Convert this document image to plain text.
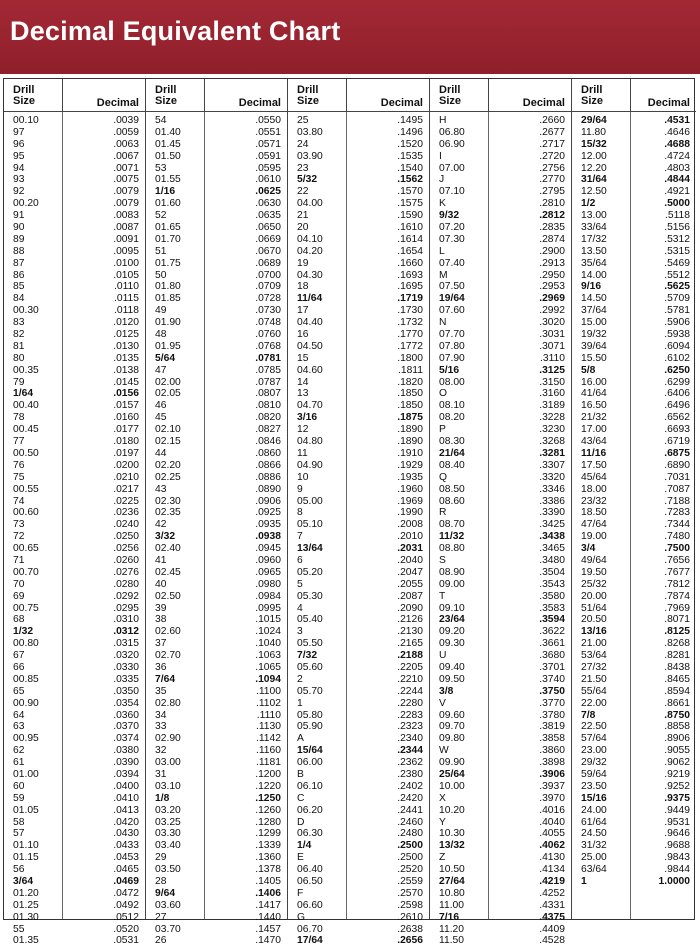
Decimal Equivalent Chart
Drill
Size	Decimal
00.10	.0039
97	.0059
96	.0063
95	.0067
94	.0071
93	.0075
92	.0079
00.20	.0079
91	.0083
90	.0087
89	.0091
88	.0095
87	.0100
86	.0105
85	.0110
84	.0115
00.30	.0118
83	.0120
82	.0125
81	.0130
80	.0135
00.35	.0138
79	.0145
1/64	.0156
00.40	.0157
78	.0160
00.45	.0177
77	.0180
00.50	.0197
76	.0200
75	.0210
00.55	.0217
74	.0225
00.60	.0236
73	.0240
72	.0250
00.65	.0256
71	.0260
00.70	.0276
70	.0280
69	.0292
00.75	.0295
68	.0310
1/32	.0312
00.80	.0315
67	.0320
66	.0330
00.85	.0335
65	.0350
00.90	.0354
64	.0360
63	.0370
00.95	.0374
62	.0380
61	.0390
01.00	.0394
60	.0400
59	.0410
01.05	.0413
58	.0420
57	.0430
01.10	.0433
01.15	.0453
56	.0465
3/64	.0469
01.20	.0472
01.25	.0492
01.30	.0512
55	.0520
01.35	.0531
Drill
Size	Decimal
54	.0550
01.40	.0551
01.45	.0571
01.50	.0591
53	.0595
01.55	.0610
1/16	.0625
01.60	.0630
52	.0635
01.65	.0650
01.70	.0669
51	.0670
01.75	.0689
50	.0700
01.80	.0709
01.85	.0728
49	.0730
01.90	.0748
48	.0760
01.95	.0768
5/64	.0781
47	.0785
02.00	.0787
02.05	.0807
46	.0810
45	.0820
02.10	.0827
02.15	.0846
44	.0860
02.20	.0866
02.25	.0886
43	.0890
02.30	.0906
02.35	.0925
42	.0935
3/32	.0938
02.40	.0945
41	.0960
02.45	.0965
40	.0980
02.50	.0984
39	.0995
38	.1015
02.60	.1024
37	.1040
02.70	.1063
36	.1065
7/64	.1094
35	.1100
02.80	.1102
34	.1110
33	.1130
02.90	.1142
32	.1160
03.00	.1181
31	.1200
03.10	.1220
1/8	.1250
03.20	.1260
03.25	.1280
03.30	.1299
03.40	.1339
29	.1360
03.50	.1378
28	.1405
9/64	.1406
03.60	.1417
27	.1440
03.70	.1457
26	.1470
Drill
Size	Decimal
25	.1495
03.80	.1496
24	.1520
03.90	.1535
23	.1540
5/32	.1562
22	.1570
04.00	.1575
21	.1590
20	.1610
04.10	.1614
04.20	.1654
19	.1660
04.30	.1693
18	.1695
11/64	.1719
17	.1730
04.40	.1732
16	.1770
04.50	.1772
15	.1800
04.60	.1811
14	.1820
13	.1850
04.70	.1850
3/16	.1875
12	.1890
04.80	.1890
11	.1910
04.90	.1929
10	.1935
9	.1960
05.00	.1969
8	.1990
05.10	.2008
7	.2010
13/64	.2031
6	.2040
05.20	.2047
5	.2055
05.30	.2087
4	.2090
05.40	.2126
3	.2130
05.50	.2165
7/32	.2188
05.60	.2205
2	.2210
05.70	.2244
1	.2280
05.80	.2283
05.90	.2323
A	.2340
15/64	.2344
06.00	.2362
B	.2380
06.10	.2402
C	.2420
06.20	.2441
D	.2460
06.30	.2480
1/4	.2500
E	.2500
06.40	.2520
06.50	.2559
F	.2570
06.60	.2598
G	.2610
06.70	.2638
17/64	.2656
Drill
Size	Decimal
H	.2660
06.80	.2677
06.90	.2717
I	.2720
07.00	.2756
J	.2770
07.10	.2795
K	.2810
9/32	.2812
07.20	.2835
07.30	.2874
L	.2900
07.40	.2913
M	.2950
07.50	.2953
19/64	.2969
07.60	.2992
N	.3020
07.70	.3031
07.80	.3071
07.90	.3110
5/16	.3125
08.00	.3150
O	.3160
08.10	.3189
08.20	.3228
P	.3230
08.30	.3268
21/64	.3281
08.40	.3307
Q	.3320
08.50	.3346
08.60	.3386
R	.3390
08.70	.3425
11/32	.3438
08.80	.3465
S	.3480
08.90	.3504
09.00	.3543
T	.3580
09.10	.3583
23/64	.3594
09.20	.3622
09.30	.3661
U	.3680
09.40	.3701
09.50	.3740
3/8	.3750
V	.3770
09.60	.3780
09.70	.3819
09.80	.3858
W	.3860
09.90	.3898
25/64	.3906
10.00	.3937
X	.3970
10.20	.4016
Y	.4040
10.30	.4055
13/32	.4062
Z	.4130
10.50	.4134
27/64	.4219
10.80	.4252
11.00	.4331
7/16	.4375
11.20	.4409
11.50	.4528
Drill
Size	Decimal
29/64	.4531
11.80	.4646
15/32	.4688
12.00	.4724
12.20	.4803
31/64	.4844
12.50	.4921
1/2	.5000
13.00	.5118
33/64	.5156
17/32	.5312
13.50	.5315
35/64	.5469
14.00	.5512
9/16	.5625
14.50	.5709
37/64	.5781
15.00	.5906
19/32	.5938
39/64	.6094
15.50	.6102
5/8	.6250
16.00	.6299
41/64	.6406
16.50	.6496
21/32	.6562
17.00	.6693
43/64	.6719
11/16	.6875
17.50	.6890
45/64	.7031
18.00	.7087
23/32	.7188
18.50	.7283
47/64	.7344
19.00	.7480
3/4	.7500
49/64	.7656
19.50	.7677
25/32	.7812
20.00	.7874
51/64	.7969
20.50	.8071
13/16	.8125
21.00	.8268
53/64	.8281
27/32	.8438
21.50	.8465
55/64	.8594
22.00	.8661
7/8	.8750
22.50	.8858
57/64	.8906
23.00	.9055
29/32	.9062
59/64	.9219
23.50	.9252
15/16	.9375
24.00	.9449
61/64	.9531
24.50	.9646
31/32	.9688
25.00	.9843
63/64	.9844
1	1.0000
